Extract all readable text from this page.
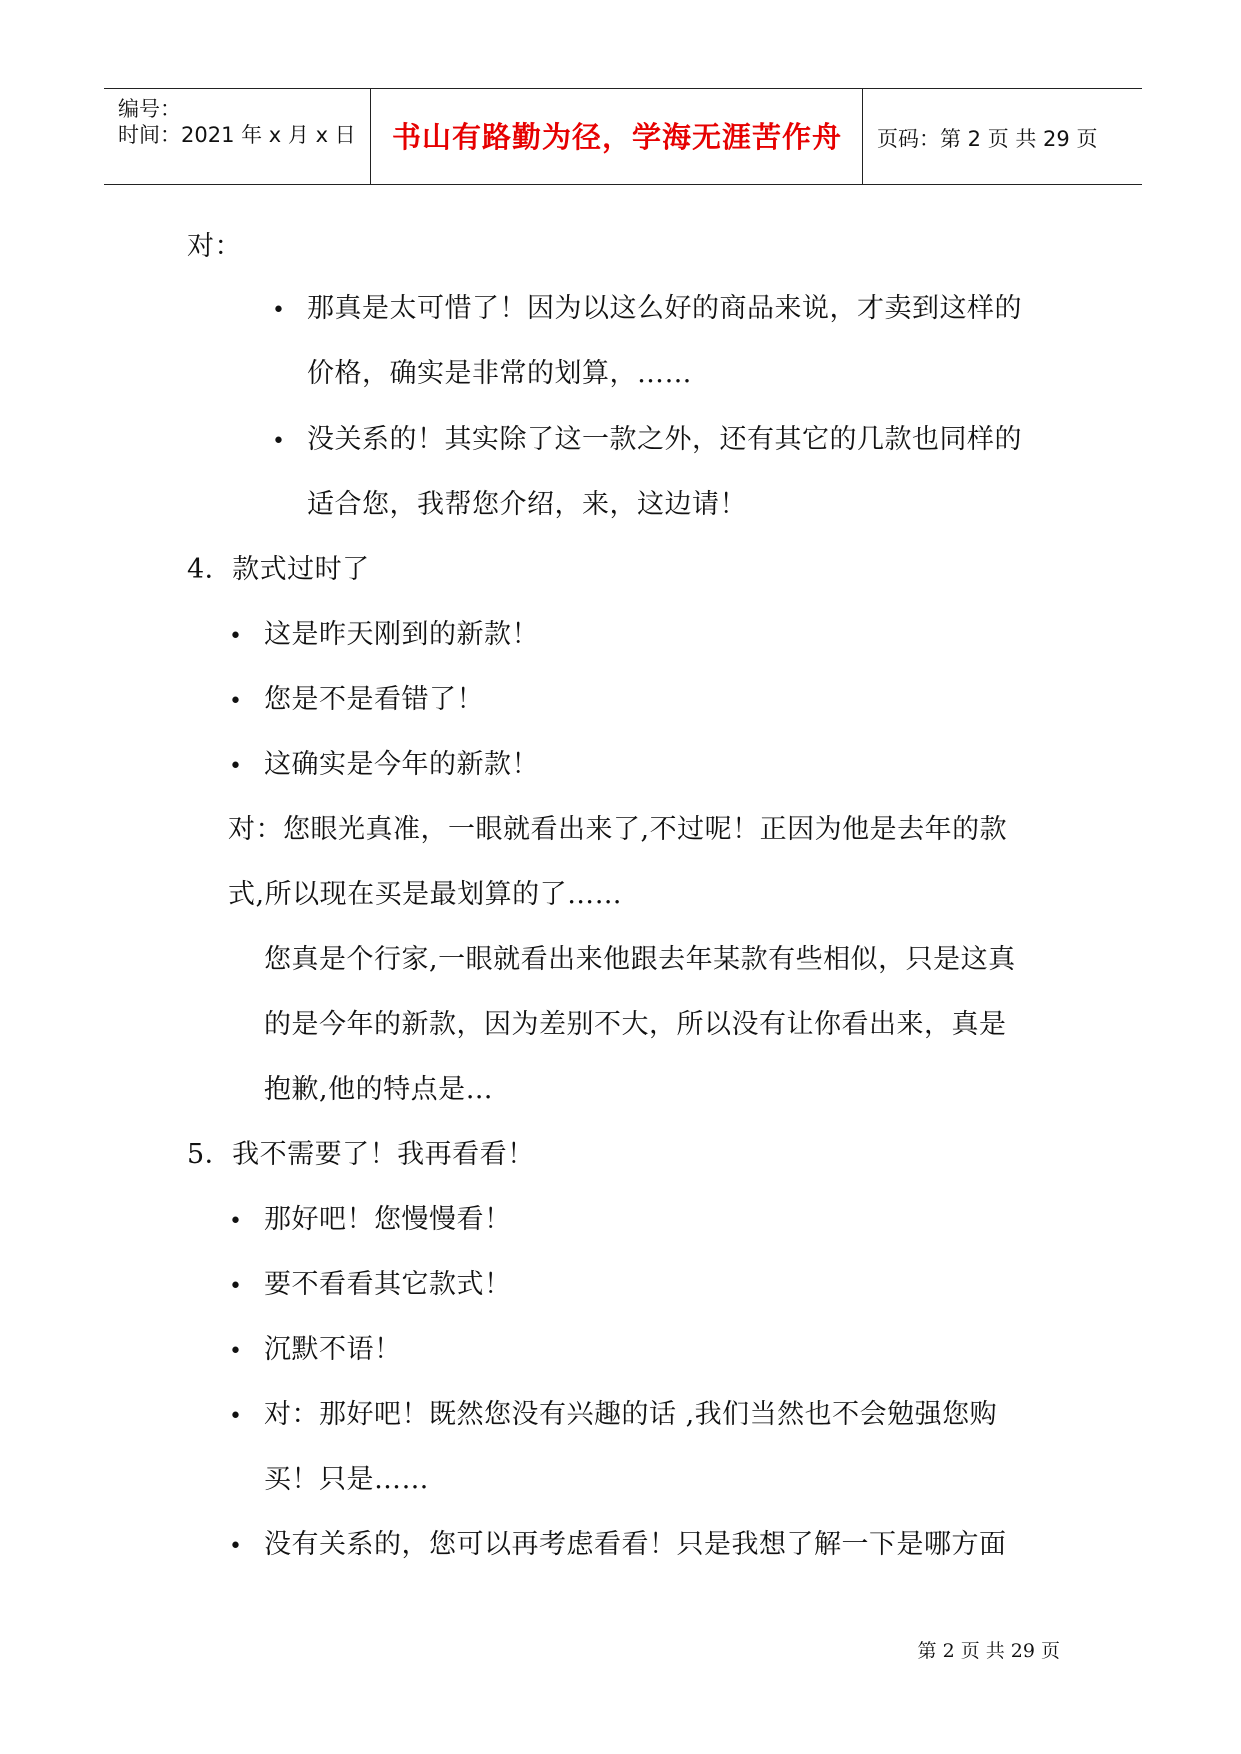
编号：
时间：2021 年 x 月 x 日	书山有路勤为径，学海无涯苦作舟	页码：第 2 页 共 29 页
对：
• 那真是太可惜了！因为以这么好的商品来说，才卖到这样的
价格，确实是非常的划算，……
• 没关系的！其实除了这一款之外，还有其它的几款也同样的
适合您，我帮您介绍，来，这边请！
4．款式过时了
• 这是昨天刚到的新款！
• 您是不是看错了！
• 这确实是今年的新款！
对：您眼光真准，一眼就看出来了,不过呢！正因为他是去年的款
式,所以现在买是最划算的了……
您真是个行家,一眼就看出来他跟去年某款有些相似，只是这真
的是今年的新款，因为差别不大，所以没有让你看出来，真是
抱歉,他的特点是…
5．我不需要了！我再看看！
• 那好吧！您慢慢看！
• 要不看看其它款式！
• 沉默不语！
• 对：那好吧！既然您没有兴趣的话 ,我们当然也不会勉强您购
买！只是……
• 没有关系的，您可以再考虑看看！只是我想了解一下是哪方面
第 2 页 共 29 页
